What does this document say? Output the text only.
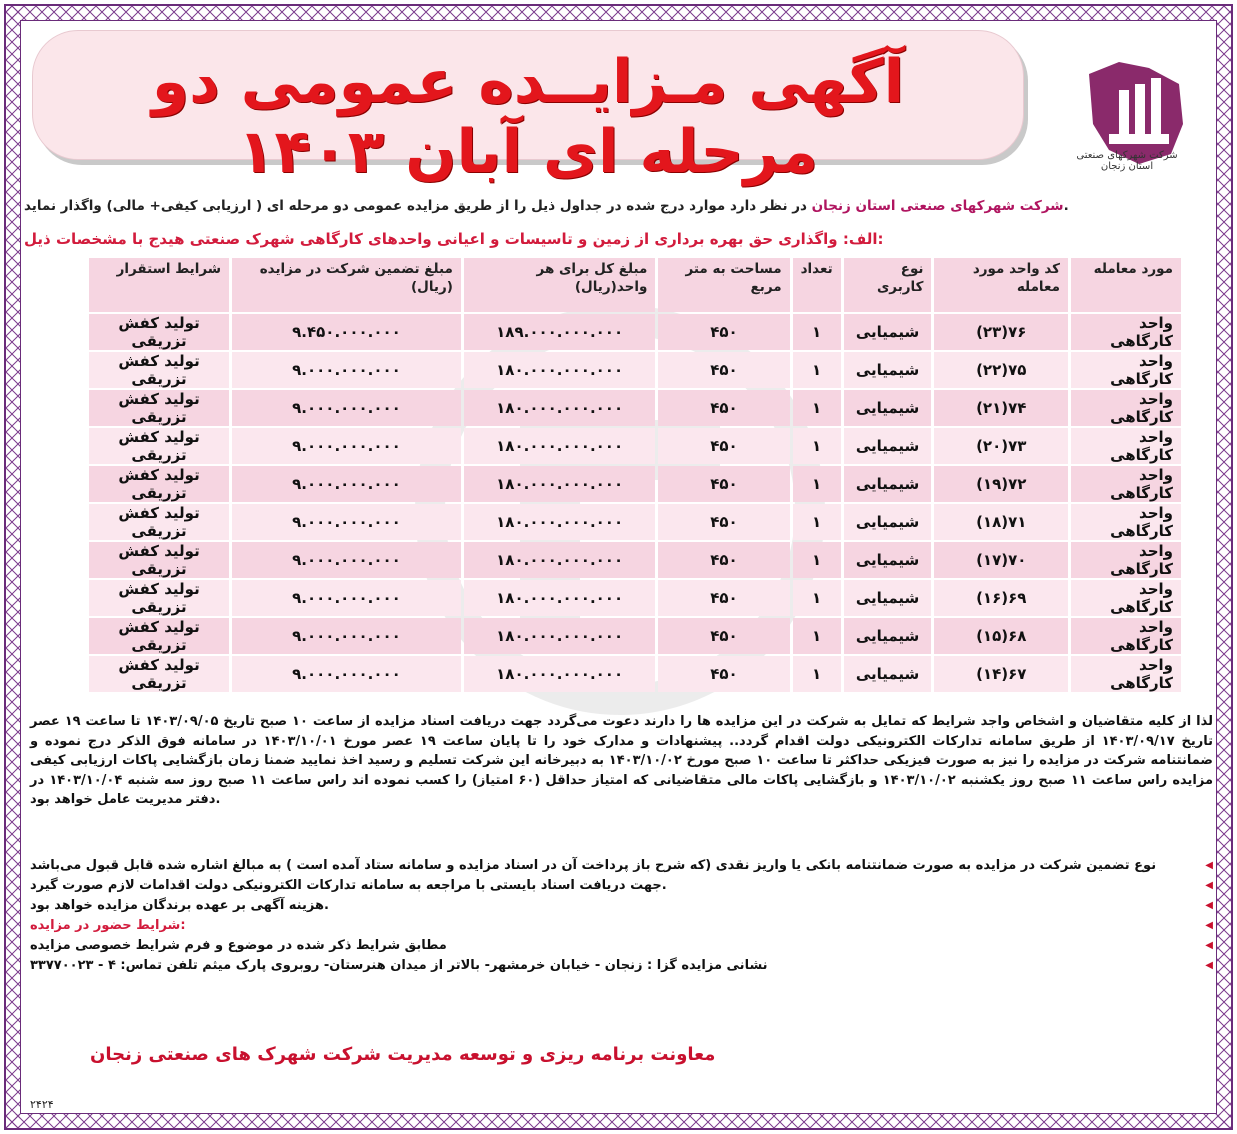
آگهی مـزایــده عمومی دو مرحله ای آبان ۱۴۰۳	شرکت شهرکهای صنعتی
استان زنجان
شرکت شهرکهای صنعتی استان زنجان در نظر دارد موارد درج شده در جداول ذیل را از طریق مزایده عمومی دو مرحله ای ( ارزیابی کیفی+ مالی) واگذار نماید.
الف: واگذاری حق بهره برداری از زمین و تاسیسات و اعیانی واحدهای کارگاهی شهرک صنعتی هیدج با مشخصات ذیل:
مورد معامله	کد واحد مورد معامله	نوع کاربری	تعداد	مساحت به متر مربع	مبلغ کل برای هر واحد(ریال)	مبلغ تضمین شرکت در مزایده (ریال)	شرایط استقرار
واحد کارگاهی	۷۶(۲۳)	شیمیایی	۱	۴۵۰	۱۸۹.۰۰۰.۰۰۰.۰۰۰	۹.۴۵۰.۰۰۰.۰۰۰	تولید کفش تزریقی
واحد کارگاهی	۷۵(۲۲)	شیمیایی	۱	۴۵۰	۱۸۰.۰۰۰.۰۰۰.۰۰۰	۹.۰۰۰.۰۰۰.۰۰۰	تولید کفش تزریقی
واحد کارگاهی	۷۴(۲۱)	شیمیایی	۱	۴۵۰	۱۸۰.۰۰۰.۰۰۰.۰۰۰	۹.۰۰۰.۰۰۰.۰۰۰	تولید کفش تزریقی
واحد کارگاهی	۷۳(۲۰)	شیمیایی	۱	۴۵۰	۱۸۰.۰۰۰.۰۰۰.۰۰۰	۹.۰۰۰.۰۰۰.۰۰۰	تولید کفش تزریقی
واحد کارگاهی	۷۲(۱۹)	شیمیایی	۱	۴۵۰	۱۸۰.۰۰۰.۰۰۰.۰۰۰	۹.۰۰۰.۰۰۰.۰۰۰	تولید کفش تزریقی
واحد کارگاهی	۷۱(۱۸)	شیمیایی	۱	۴۵۰	۱۸۰.۰۰۰.۰۰۰.۰۰۰	۹.۰۰۰.۰۰۰.۰۰۰	تولید کفش تزریقی
واحد کارگاهی	۷۰(۱۷)	شیمیایی	۱	۴۵۰	۱۸۰.۰۰۰.۰۰۰.۰۰۰	۹.۰۰۰.۰۰۰.۰۰۰	تولید کفش تزریقی
واحد کارگاهی	۶۹(۱۶)	شیمیایی	۱	۴۵۰	۱۸۰.۰۰۰.۰۰۰.۰۰۰	۹.۰۰۰.۰۰۰.۰۰۰	تولید کفش تزریقی
واحد کارگاهی	۶۸(۱۵)	شیمیایی	۱	۴۵۰	۱۸۰.۰۰۰.۰۰۰.۰۰۰	۹.۰۰۰.۰۰۰.۰۰۰	تولید کفش تزریقی
واحد کارگاهی	۶۷(۱۴)	شیمیایی	۱	۴۵۰	۱۸۰.۰۰۰.۰۰۰.۰۰۰	۹.۰۰۰.۰۰۰.۰۰۰	تولید کفش تزریقی
لذا از کلیه متقاضیان و اشخاص واجد شرایط که تمایل به شرکت در این مزایده ها را دارند دعوت می‌گردد جهت دریافت اسناد مزایده از ساعت ۱۰ صبح تاریخ ۱۴۰۳/۰۹/۰۵ تا ساعت ۱۹ عصر تاریخ ۱۴۰۳/۰۹/۱۷ از طریق سامانه تدارکات الکترونیکی دولت اقدام گردد.. پیشنهادات و مدارک خود را تا پایان ساعت ۱۹ عصر مورخ ۱۴۰۳/۱۰/۰۱ در سامانه فوق الذکر درج نموده و ضمانتنامه شرکت در مزایده را نیز به صورت فیزیکی حداکثر تا ساعت ۱۰ صبح مورخ ۱۴۰۳/۱۰/۰۲ به دبیرخانه این شرکت تسلیم و رسید اخذ نمایید ضمنا زمان بازگشایی پاکات ارزیابی کیفی مزایده راس ساعت ۱۱ صبح روز یکشنبه ۱۴۰۳/۱۰/۰۲ و بازگشایی پاکات مالی متقاضیانی که امتیاز حداقل (۶۰ امتیاز) را کسب نموده اند راس ساعت ۱۱ صبح روز سه شنبه ۱۴۰۳/۱۰/۰۴ در دفتر مدیریت عامل خواهد بود.
◀ نوع تضمین شرکت در مزایده به صورت ضمانتنامه بانکی یا واریز نقدی (که شرح باز پرداخت آن در اسناد مزایده و سامانه ستاد آمده است ) به مبالغ اشاره شده قابل قبول می‌باشد
◀ جهت دریافت اسناد بایستی با مراجعه به سامانه تدارکات الکترونیکی دولت اقدامات لازم صورت گیرد.
◀ هزینه آگهی بر عهده برندگان مزایده خواهد بود.
◀ شرایط حضور در مزایده:
◀ مطابق شرایط ذکر شده در موضوع و فرم شرایط خصوصی مزایده
◀ نشانی مزایده گزا : زنجان - خیابان خرمشهر- بالاتر از میدان هنرستان- روبروی پارک میثم تلفن تماس: ۴ - ۳۳۷۷۰۰۲۳
معاونت برنامه ریزی و توسعه مدیریت شرکت شهرک های صنعتی زنجان
۲۴۲۴
